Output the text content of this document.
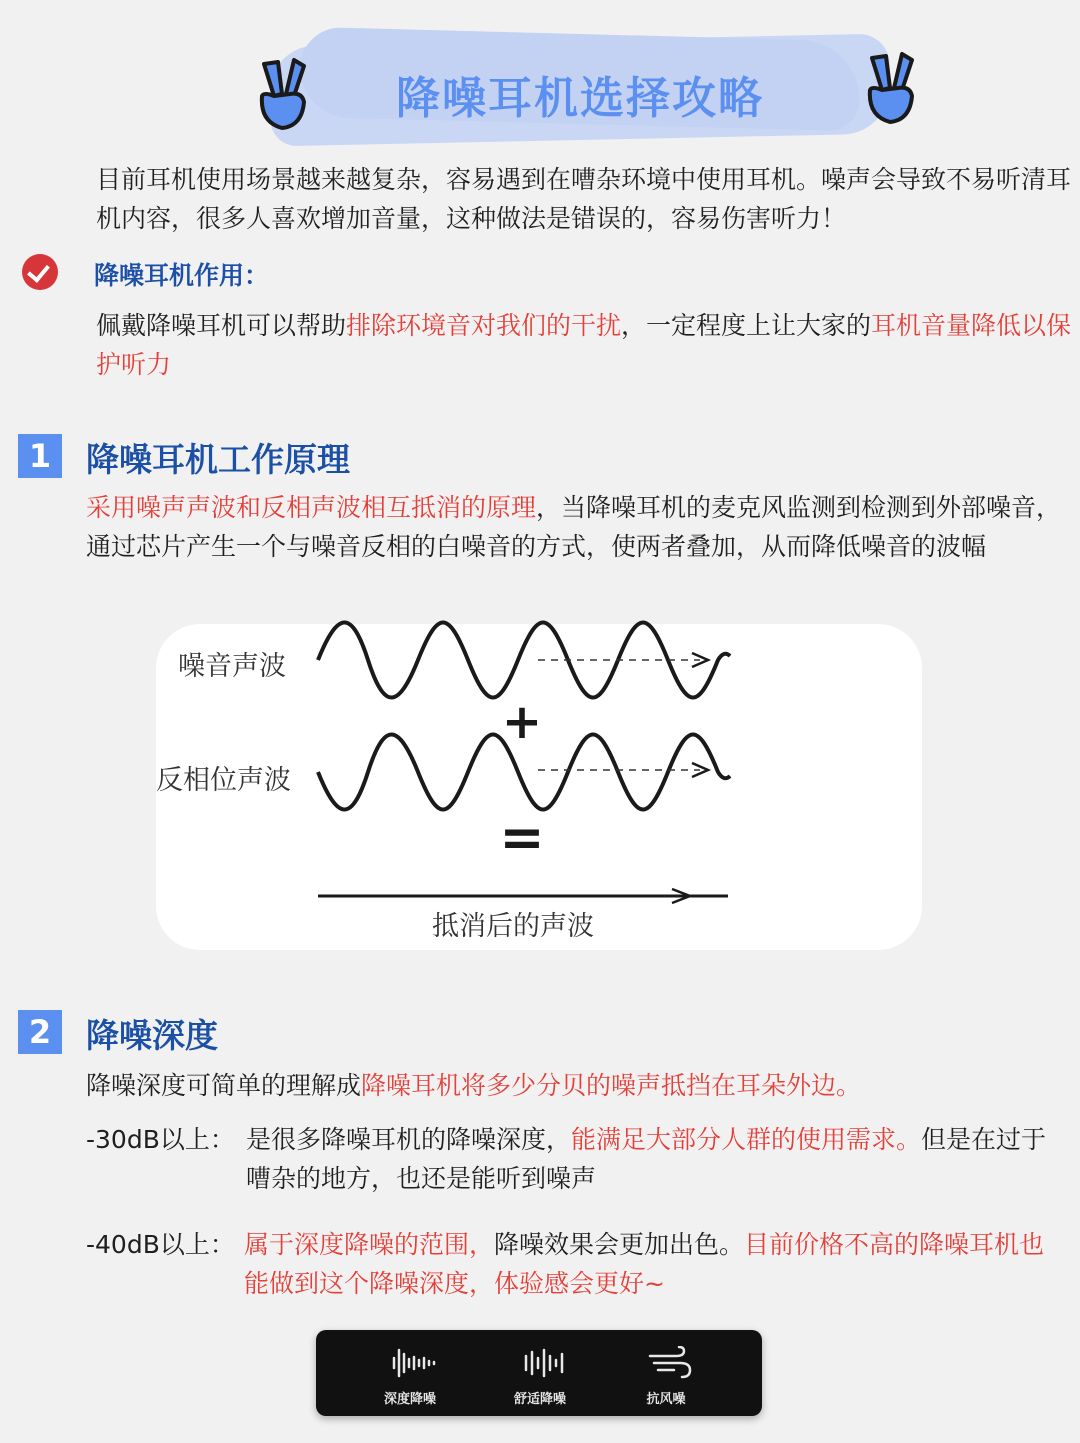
降噪耳机选择攻略
目前耳机使用场景越来越复杂，容易遇到在嘈杂环境中使用耳机。噪声会导致不易听清耳机内容，很多人喜欢增加音量，这种做法是错误的，容易伤害听力！
降噪耳机作用：
佩戴降噪耳机可以帮助排除环境音对我们的干扰，一定程度上让大家的耳机音量降低以保护听力
1	降噪耳机工作原理
采用噪声声波和反相声波相互抵消的原理，当降噪耳机的麦克风监测到检测到外部噪音，通过芯片产生一个与噪音反相的白噪音的方式，使两者叠加，从而降低噪音的波幅
噪音声波
反相位声波
抵消后的声波
+
=
2	降噪深度
降噪深度可简单的理解成降噪耳机将多少分贝的噪声抵挡在耳朵外边。
-30dB以上： 是很多降噪耳机的降噪深度，能满足大部分人群的使用需求。但是在过于嘈杂的地方，也还是能听到噪声
-40dB以上： 属于深度降噪的范围，降噪效果会更加出色。目前价格不高的降噪耳机也能做到这个降噪深度，体验感会更好~
深度降噪	舒适降噪	抗风噪
